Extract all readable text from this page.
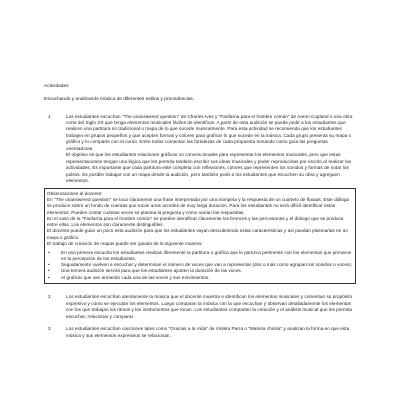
Actividades
Escuchando y analizando música de diferentes estilos y procedencias.
1	Los estudiantes escuchan "The unanswered question" de Charles Ives y "Fanfarria para el hombre común" de Aaron Copland o una obra corta del Siglo XX que tenga elementos musicales fáciles de identificar. A partir de esta audición se puede pedir a los estudiantes que realicen una partitura no tradicional o mapa de lo que sucede musicalmente. Para esta actividad se recomienda que los estudiantes trabajen en grupos pequeños y que acepten formas y colores para graficar lo que sucede en la música. Cada grupo presenta su mapa o gráfico y lo comparte con el curso. Entre todos comentan las fortalezas de cada propuesta tomando como guía las preguntas orientadoras.

El objetivo es que los estudiantes relacionen gráficas no convencionales para representar los elementos musicales, pero que estas representaciones tengan una lógica que les permita también escribir sus ideas musicales y poder reproducirlas por escrito al realizar las actividades. Es importante que cada partitura esté completa con reflexiones, colores que representen los sonidos y formas de notar los pulsos. Es posible trabajar con un mapa desde la audición, pero también pedir a los estudiantes que escuchen su obra y agreguen elementos.

Observaciones al docente:

En "The unanswered question" se toca claramente una frase interpretada por una trompeta y la respuesta de un cuarteto de flautas. Este diálogo se produce sobre un fondo de cuerdas que tocan unos acordes de muy larga duración. Para los estudiantes no será difícil identificar estos elementos. Pueden contar cuántas veces se plantea la pregunta y cómo varían las respuestas.

En el caso de la "Fanfarria para el hombre común" se pueden identificar claramente los bronces y las percusiones y el diálogo que se produce entre ellos. Los elementos son claramente distinguibles.

El docente puede guiar un poco esta audición para que los estudiantes vayan descubriendo estas características y así puedan plasmarlas en un mapa o gráfico.

El trabajo de creación de mapas puede ser guiado de la siguiente manera:

• En una primera escucha los estudiantes realizan libremente la partitura o gráfica que le parezca pertinente con los elementos que primaron en la percepción de los estudiantes.
• Seguidamente vuelven a escuchar y determinan el número de voces que van a representar (dos o más como agrupan los sonidos o voces).
• Una tercera audición servirá para que los estudiantes ajusten la duración de las voces.
• Al graficar que van armando cada una de las voces y sus movimientos.
2	Los estudiantes escuchan atentamente la música que el docente muestra e identifican los elementos musicales y comentan su propósito expresivo y cómo se ejecutan los elementos. Luego comparan la música con la que escuchan y observan detalladamente los elementos con los que trabajan los ritmos y los instrumentos que tocan. Los estudiantes comparten la creación y el análisis musical que les permita escuchar, relacionar y comparar.

3	Los estudiantes escuchan canciones tales como "Gracias a la Vida" de Violeta Parra o "Mamita chinita" y analizan la forma en que esta música y sus elementos expresivos se relacionan.
